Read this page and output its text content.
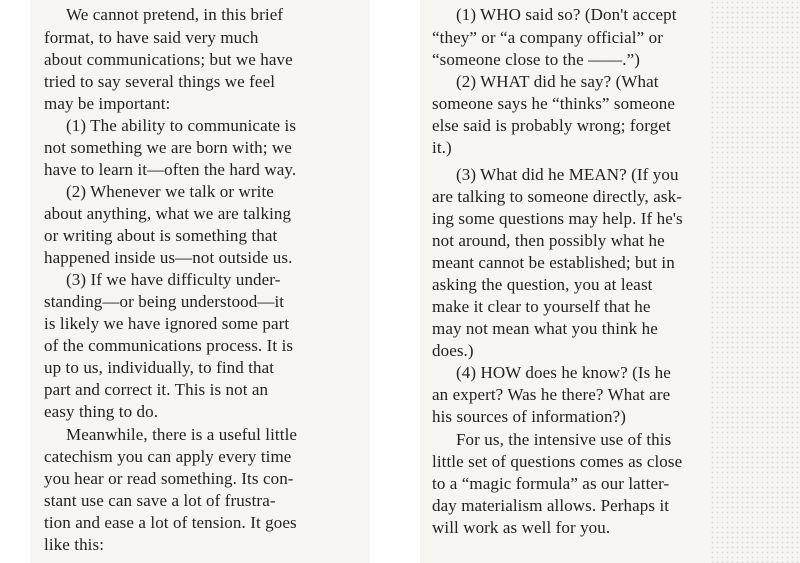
We cannot pretend, in this brief
format, to have said very much
about communications; but we have
tried to say several things we feel
may be important:
(1) The ability to communicate is
not something we are born with; we
have to learn it—often the hard way.
(2) Whenever we talk or write
about anything, what we are talking
or writing about is something that
happened inside us—not outside us.
(3) If we have difficulty under-
standing—or being understood—it
is likely we have ignored some part
of the communications process. It is
up to us, individually, to find that
part and correct it. This is not an
easy thing to do.
Meanwhile, there is a useful little
catechism you can apply every time
you hear or read something. Its con-
stant use can save a lot of frustra-
tion and ease a lot of tension. It goes
like this:
(1) WHO said so? (Don't accept
“they” or “a company official” or
“someone close to the ——.”)
(2) WHAT did he say? (What
someone says he “thinks” someone
else said is probably wrong; forget
it.)
(3) What did he MEAN? (If you
are talking to someone directly, ask-
ing some questions may help. If he's
not around, then possibly what he
meant cannot be established; but in
asking the question, you at least
make it clear to yourself that he
may not mean what you think he
does.)
(4) HOW does he know? (Is he
an expert? Was he there? What are
his sources of information?)
For us, the intensive use of this
little set of questions comes as close
to a “magic formula” as our latter-
day materialism allows. Perhaps it
will work as well for you.
